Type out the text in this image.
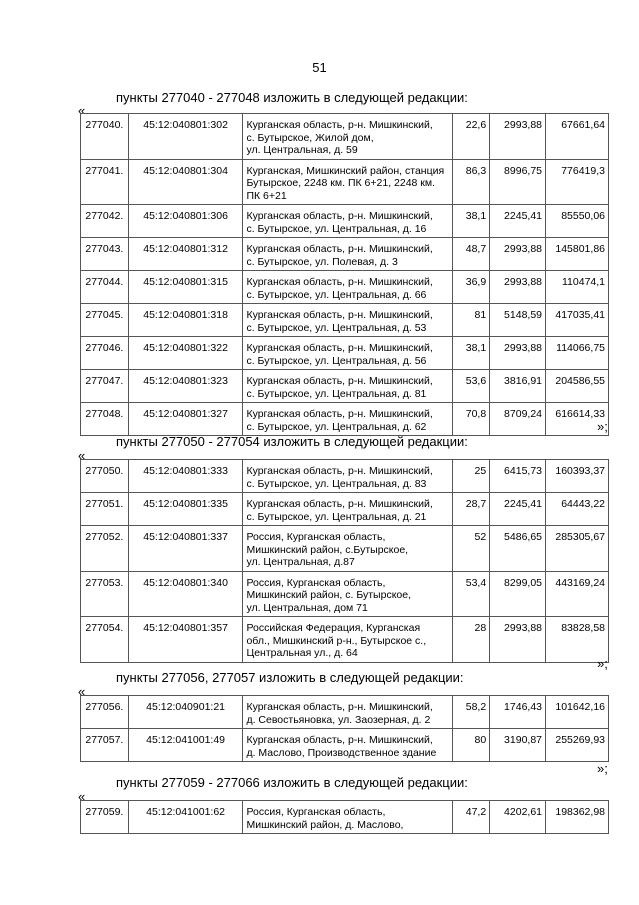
51
пункты 277040 - 277048 изложить в следующей редакции:
«
277040.	45:12:040801:302	Курганская область, р-н. Мишкинский,
с. Бутырское, Жилой дом,
ул. Центральная, д. 59	22,6	2993,88	67661,64
277041.	45:12:040801:304	Курганская, Мишкинский район, станция
Бутырское, 2248 км. ПК 6+21, 2248 км.
ПК 6+21	86,3	8996,75	776419,3
277042.	45:12:040801:306	Курганская область, р-н. Мишкинский,
с. Бутырское, ул. Центральная, д. 16	38,1	2245,41	85550,06
277043.	45:12:040801:312	Курганская область, р-н. Мишкинский,
с. Бутырское, ул. Полевая, д. 3	48,7	2993,88	145801,86
277044.	45:12:040801:315	Курганская область, р-н. Мишкинский,
с. Бутырское, ул. Центральная, д. 66	36,9	2993,88	110474,1
277045.	45:12:040801:318	Курганская область, р-н. Мишкинский,
с. Бутырское, ул. Центральная, д. 53	81	5148,59	417035,41
277046.	45:12:040801:322	Курганская область, р-н. Мишкинский,
с. Бутырское, ул. Центральная, д. 56	38,1	2993,88	114066,75
277047.	45:12:040801:323	Курганская область, р-н. Мишкинский,
с. Бутырское, ул. Центральная, д. 81	53,6	3816,91	204586,55
277048.	45:12:040801:327	Курганская область, р-н. Мишкинский,
с. Бутырское, ул. Центральная, д. 62	70,8	8709,24	616614,33
»;
пункты 277050 - 277054 изложить в следующей редакции:
«
277050.	45:12:040801:333	Курганская область, р-н. Мишкинский,
с. Бутырское, ул. Центральная, д. 83	25	6415,73	160393,37
277051.	45:12:040801:335	Курганская область, р-н. Мишкинский,
с. Бутырское, ул. Центральная, д. 21	28,7	2245,41	64443,22
277052.	45:12:040801:337	Россия, Курганская область,
Мишкинский район, с.Бутырское,
ул. Центральная, д.87	52	5486,65	285305,67
277053.	45:12:040801:340	Россия, Курганская область,
Мишкинский район, с. Бутырское,
ул. Центральная, дом 71	53,4	8299,05	443169,24
277054.	45:12:040801:357	Российская Федерация, Курганская
обл., Мишкинский р-н., Бутырское с.,
Центральная ул., д. 64	28	2993,88	83828,58
»;
пункты 277056, 277057 изложить в следующей редакции:
«
277056.	45:12:040901:21	Курганская область, р-н. Мишкинский,
д. Севостьяновка, ул. Заозерная, д. 2	58,2	1746,43	101642,16
277057.	45:12:041001:49	Курганская область, р-н. Мишкинский,
д. Маслово, Производственное здание	80	3190,87	255269,93
»;
пункты 277059 - 277066 изложить в следующей редакции:
«
277059.	45:12:041001:62	Россия, Курганская область,
Мишкинский район, д. Маслово,
	47,2	4202,61	198362,98
